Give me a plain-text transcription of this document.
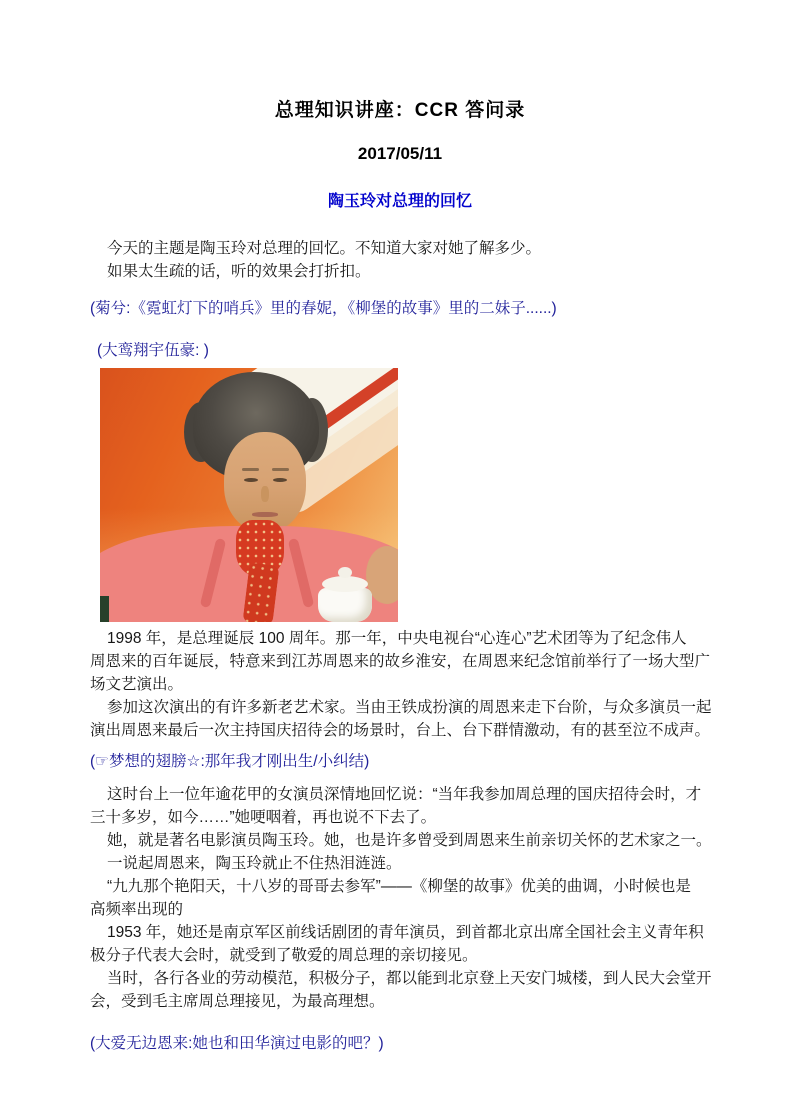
总理知识讲座：CCR 答问录
2017/05/11
陶玉玲对总理的回忆
今天的主题是陶玉玲对总理的回忆。不知道大家对她了解多少。
如果太生疏的话，听的效果会打折扣。
(菊兮:《霓虹灯下的哨兵》里的春妮，《柳堡的故事》里的二妹子......)
(大鸾翔宇伍豪: )
1998 年，是总理诞辰 100 周年。那一年，中央电视台“心连心”艺术团等为了纪念伟人
周恩来的百年诞辰，特意来到江苏周恩来的故乡淮安，在周恩来纪念馆前举行了一场大型广
场文艺演出。
参加这次演出的有许多新老艺术家。当由王铁成扮演的周恩来走下台阶，与众多演员一起
演出周恩来最后一次主持国庆招待会的场景时，台上、台下群情激动，有的甚至泣不成声。
(☞梦想的翅膀☆:那年我才刚出生/小纠结)
这时台上一位年逾花甲的女演员深情地回忆说：“当年我参加周总理的国庆招待会时，才
三十多岁，如今……”她哽咽着，再也说不下去了。
她，就是著名电影演员陶玉玲。她，也是许多曾受到周恩来生前亲切关怀的艺术家之一。
一说起周恩来，陶玉玲就止不住热泪涟涟。
“九九那个艳阳天，十八岁的哥哥去参军”——《柳堡的故事》优美的曲调，小时候也是
高频率出现的
1953 年，她还是南京军区前线话剧团的青年演员，到首都北京出席全国社会主义青年积
极分子代表大会时，就受到了敬爱的周总理的亲切接见。
当时，各行各业的劳动模范，积极分子，都以能到北京登上天安门城楼，到人民大会堂开
会，受到毛主席周总理接见，为最高理想。
(大爱无边恩来:她也和田华演过电影的吧？)
